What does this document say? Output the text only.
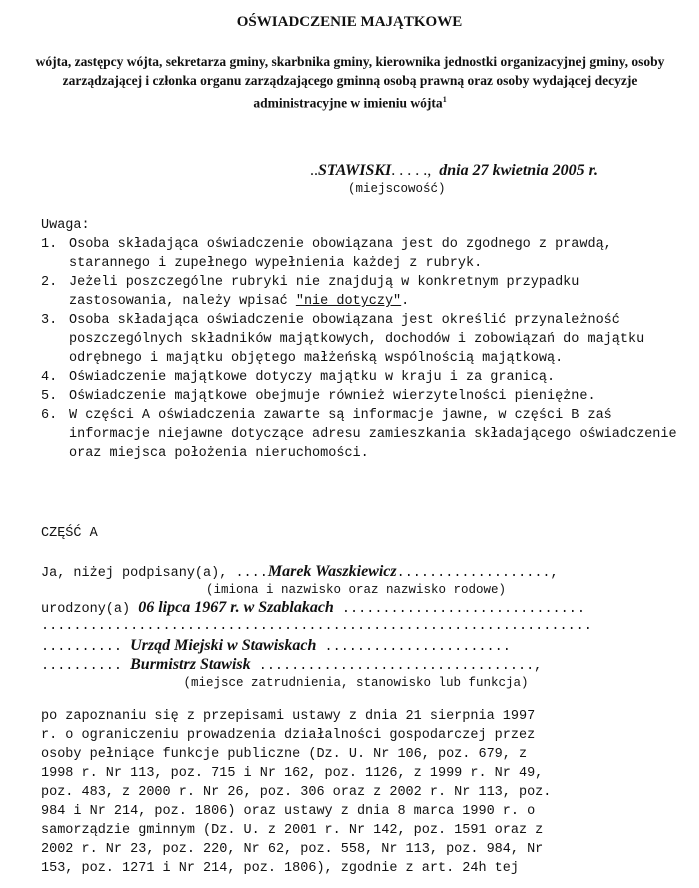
OŚWIADCZENIE MAJĄTKOWE
wójta, zastępcy wójta, sekretarza gminy, skarbnika gminy, kierownika jednostki organizacyjnej gminy, osoby zarządzającej i członka organu zarządzającego gminną osobą prawną oraz osoby wydającej decyzje administracyjne w imieniu wójta$^1$
..STAWISKI. . . . ., dnia 27 kwietnia 2005 r.
(miejscowość)
Uwaga:
1. Osoba składająca oświadczenie obowiązana jest do zgodnego z prawdą, starannego i zupełnego wypełnienia każdej z rubryk.
2. Jeżeli poszczególne rubryki nie znajdują w konkretnym przypadku zastosowania, należy wpisać "nie dotyczy".
3. Osoba składająca oświadczenie obowiązana jest określić przynależność poszczególnych składników majątkowych, dochodów i zobowiązań do majątku odrębnego i majątku objętego małżeńską wspólnością majątkową.
4. Oświadczenie majątkowe dotyczy majątku w kraju i za granicą.
5. Oświadczenie majątkowe obejmuje również wierzytelności pieniężne.
6. W części A oświadczenia zawarte są informacje jawne, w części B zaś informacje niejawne dotyczące adresu zamieszkania składającego oświadczenie oraz miejsca położenia nieruchomości.
CZĘŚĆ A
Ja, niżej podpisany(a), ....Marek Waszkiewicz...................,
(imiona i nazwisko oraz nazwisko rodowe)
urodzony(a) 06 lipca 1967 r. w Szablakach ..............................
....................................................................
.......... Urząd Miejski w Stawiskach .......................
.......... Burmistrz Stawisk ..................................,
(miejsce zatrudnienia, stanowisko lub funkcja)
po zapoznaniu się z przepisami ustawy z dnia 21 sierpnia 1997
r. o ograniczeniu prowadzenia działalności gospodarczej przez
osoby pełniące funkcje publiczne (Dz. U. Nr 106, poz. 679, z
1998 r. Nr 113, poz. 715 i Nr 162, poz. 1126, z 1999 r. Nr 49,
poz. 483, z 2000 r. Nr 26, poz. 306 oraz z 2002 r. Nr 113, poz.
984 i Nr 214, poz. 1806) oraz ustawy z dnia 8 marca 1990 r. o
samorządzie gminnym (Dz. U. z 2001 r. Nr 142, poz. 1591 oraz z
2002 r. Nr 23, poz. 220, Nr 62, poz. 558, Nr 113, poz. 984, Nr
153, poz. 1271 i Nr 214, poz. 1806), zgodnie z art. 24h tej
